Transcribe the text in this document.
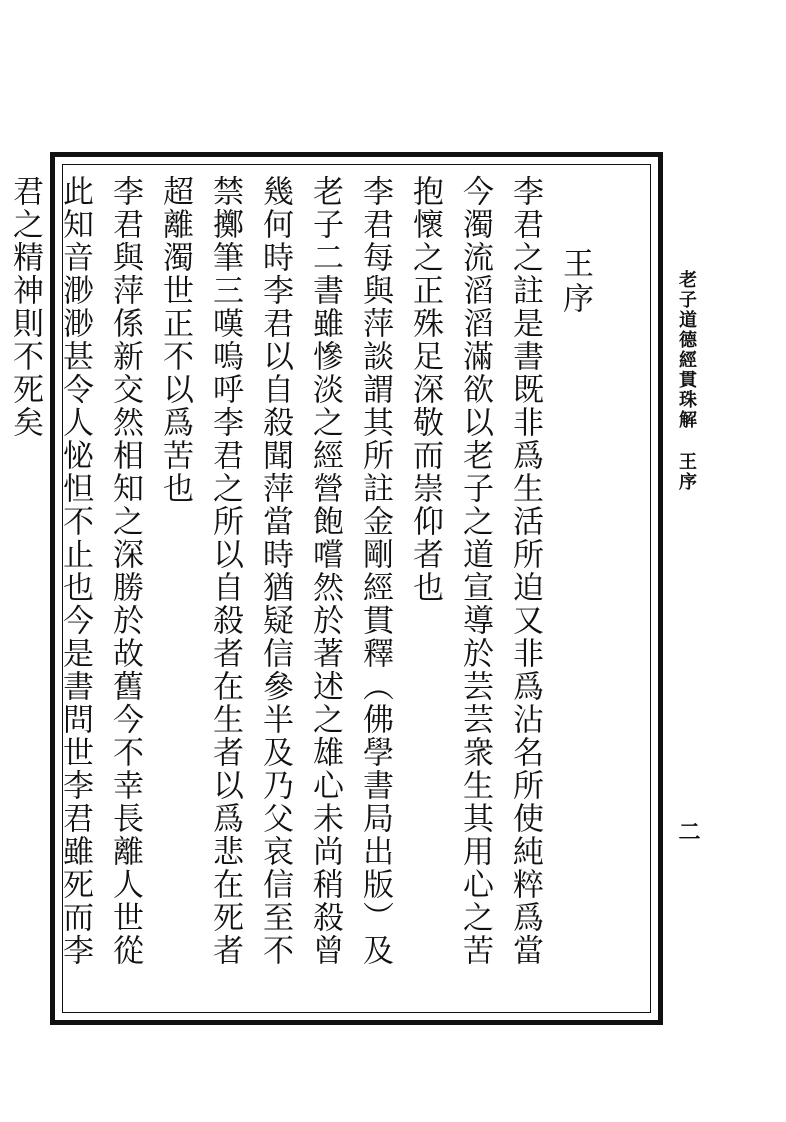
老子道德經貫珠解王序
二
王序
李君之註是書既非爲生活所迫又非爲沾名所使純粹爲當今濁流滔滔滿欲以老子之道宣導於芸芸衆生其用心之苦抱懷之正殊足深敬而崇仰者也
李君每與萍談謂其所註金剛經貫釋（佛學書局出版）及老子二書雖慘淡之經營飽嚐然於著述之雄心未尚稍殺曾幾何時李君以自殺聞萍當時猶疑信參半及乃父哀信至不禁擲筆三嘆嗚呼李君之所以自殺者在生者以爲悲在死者超離濁世正不以爲苦也
李君與萍係新交然相知之深勝於故舊今不幸長離人世從此知音渺渺甚令人怭怛不止也今是書問世李君雖死而李君之精神則不死矣
